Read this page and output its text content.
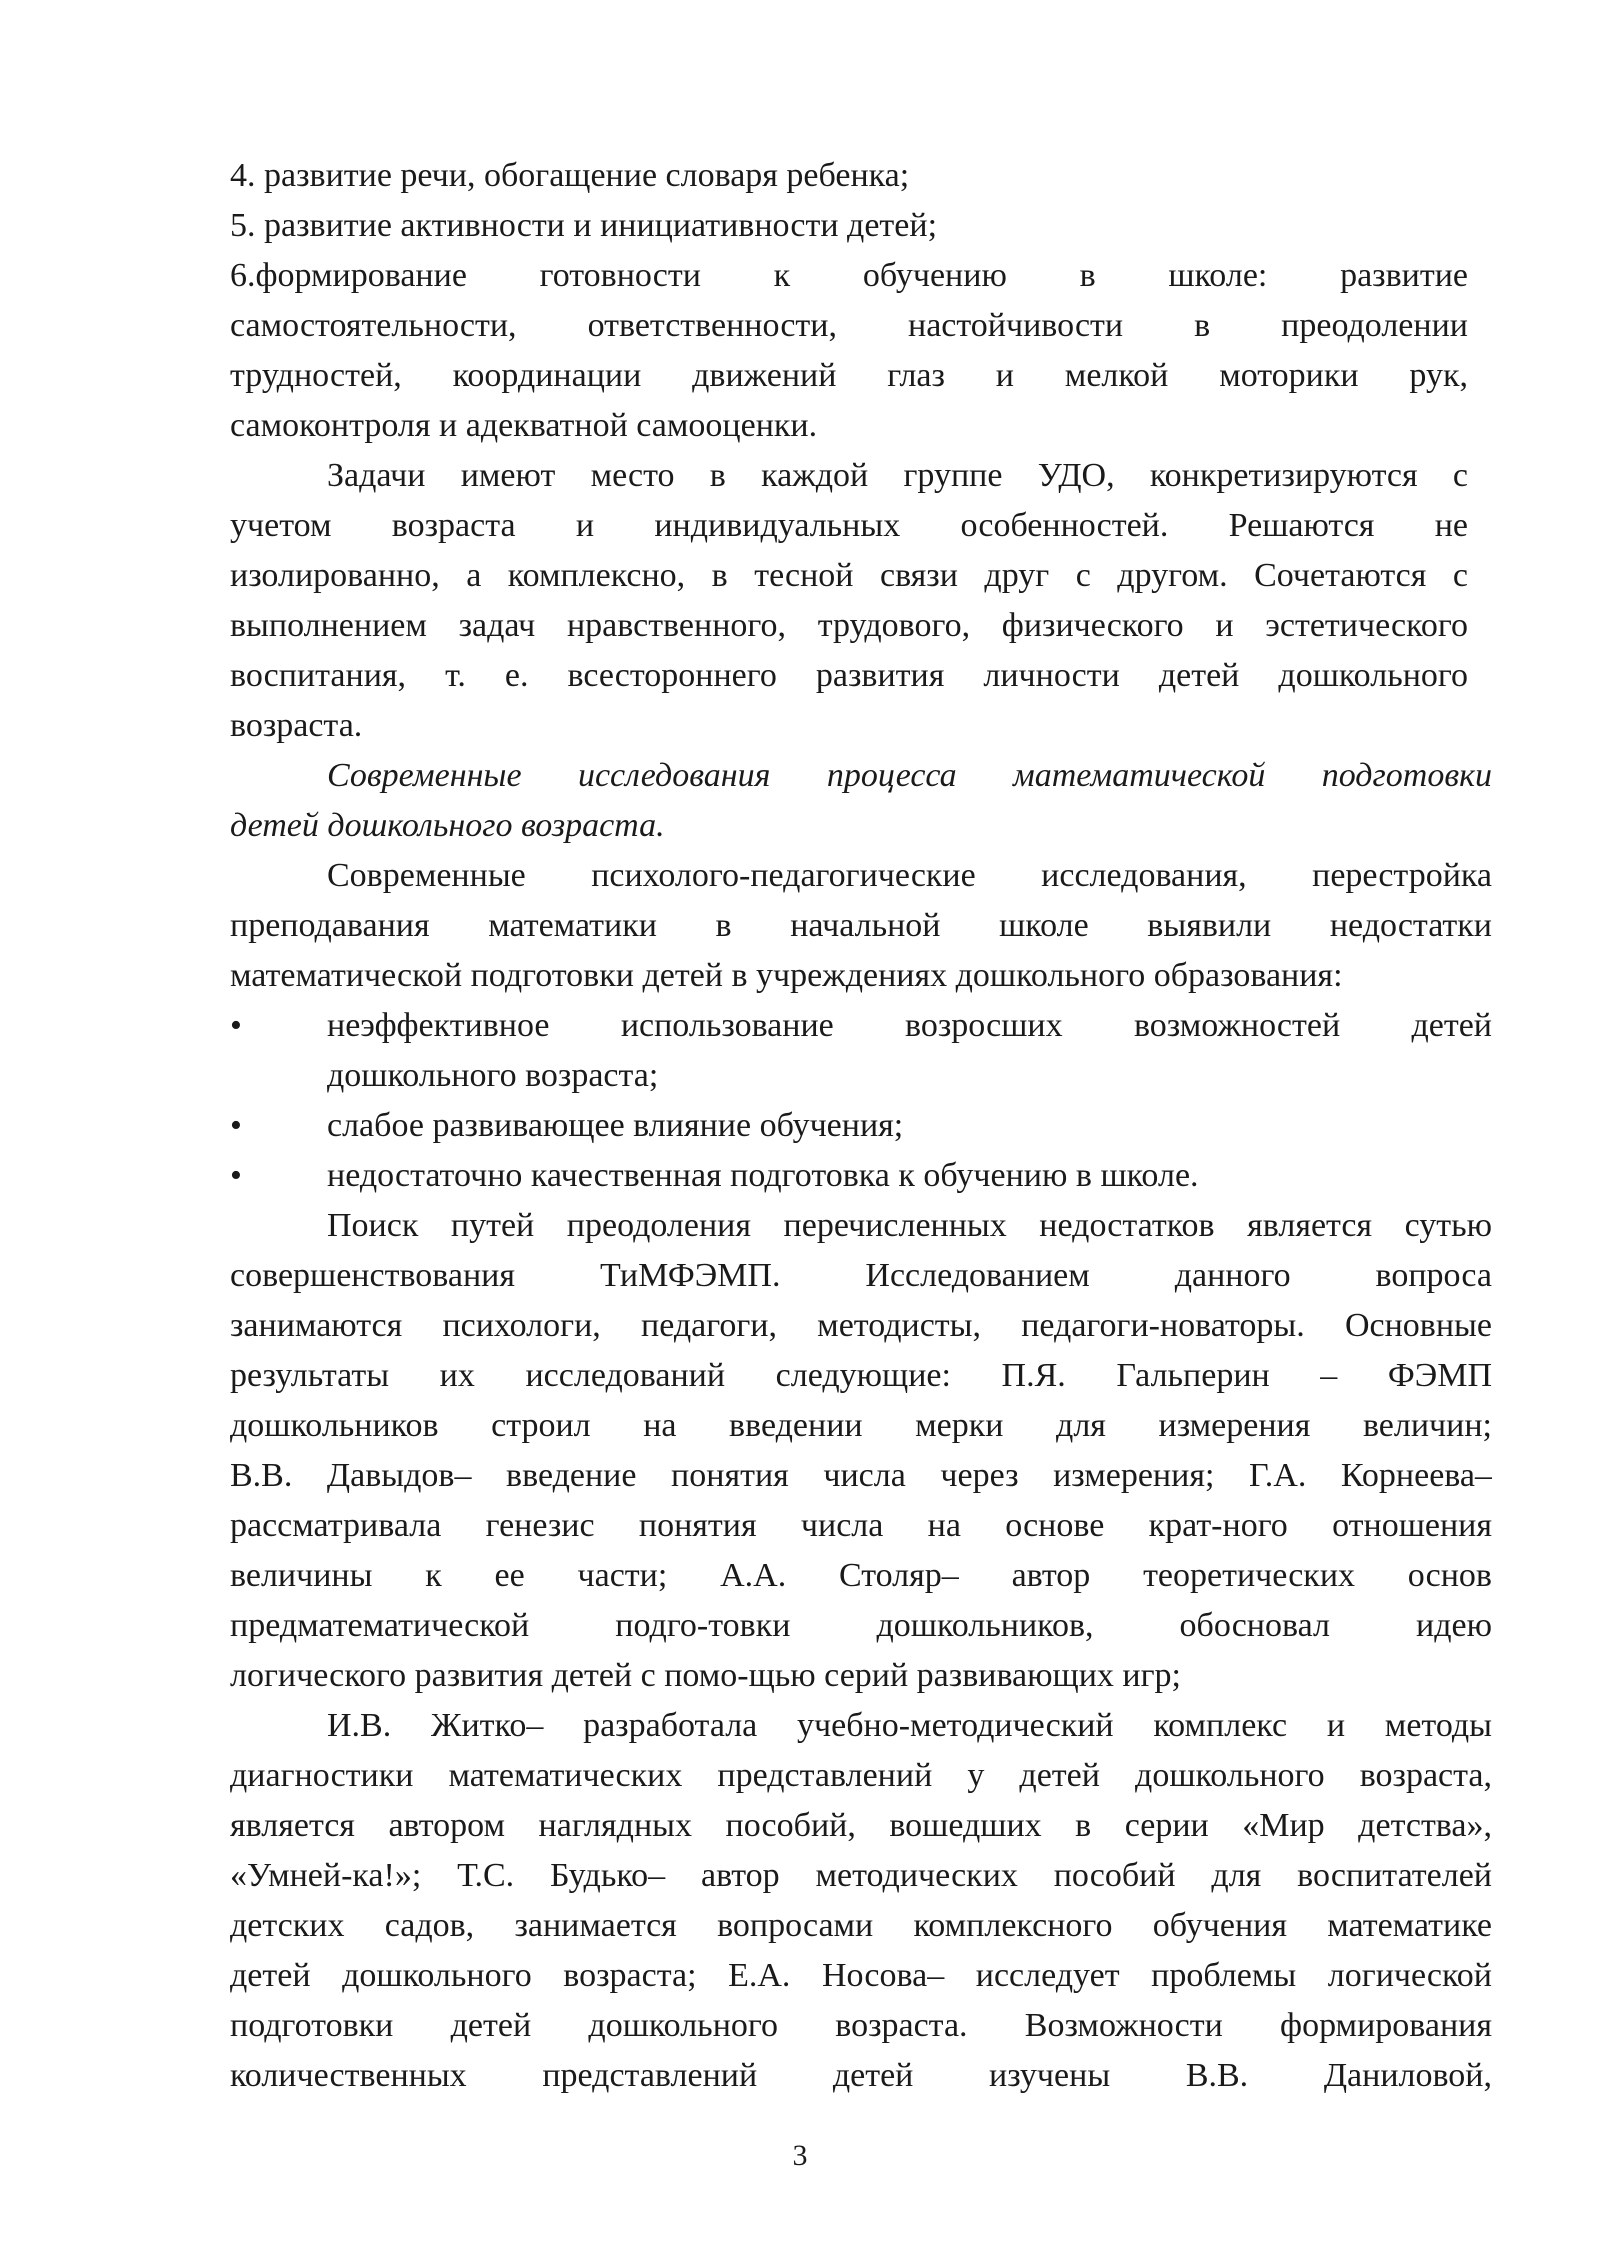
4. развитие речи, обогащение словаря ребенка;
5. развитие активности и инициативности детей;
6.формирование готовности к обучению в школе: развитие
самостоятельности, ответственности, настойчивости в преодолении
трудностей, координации движений глаз и мелкой моторики рук,
самоконтроля и адекватной самооценки.
Задачи имеют место в каждой группе УДО, конкретизируются с
учетом возраста и индивидуальных особенностей. Решаются не
изолированно, а комплексно, в тесной связи друг с другом. Сочетаются с
выполнением задач нравственного, трудового, физического и эстетического
воспитания, т. е. всестороннего развития личности детей дошкольного
возраста.
Современные исследования процесса математической подготовки
детей дошкольного возраста.
Современные психолого-педагогические исследования, перестройка
преподавания математики в начальной школе выявили недостатки
математической подготовки детей в учреждениях дошкольного образования:
•	неэффективное использование возросших возможностей детей
дошкольного возраста;
•	слабое развивающее влияние обучения;
•	недостаточно качественная подготовка к обучению в школе.
Поиск путей преодоления перечисленных недостатков является сутью
совершенствования ТиМФЭМП. Исследованием данного вопроса
занимаются психологи, педагоги, методисты, педагоги-новаторы. Основные
результаты их исследований следующие: П.Я. Гальперин – ФЭМП
дошкольников строил на введении мерки для измерения величин;
В.В. Давыдов– введение понятия числа через измерения; Г.А. Корнеева–
рассматривала генезис понятия числа на основе крат-ного отношения
величины к ее части; А.А. Столяр– автор теоретических основ
предматематической подго-товки дошкольников, обосновал идею
логического развития детей с помо-щью серий развивающих игр;
И.В. Житко– разработала учебно-методический комплекс и методы
диагностики математических представлений у детей дошкольного возраста,
является автором наглядных пособий, вошедших в серии «Мир детства»,
«Умней-ка!»; Т.С. Будько– автор методических пособий для воспитателей
детских садов, занимается вопросами комплексного обучения математике
детей дошкольного возраста; Е.А. Носова– исследует проблемы логической
подготовки детей дошкольного возраста. Возможности формирования
количественных представлений детей изучены В.В. Даниловой,
3
